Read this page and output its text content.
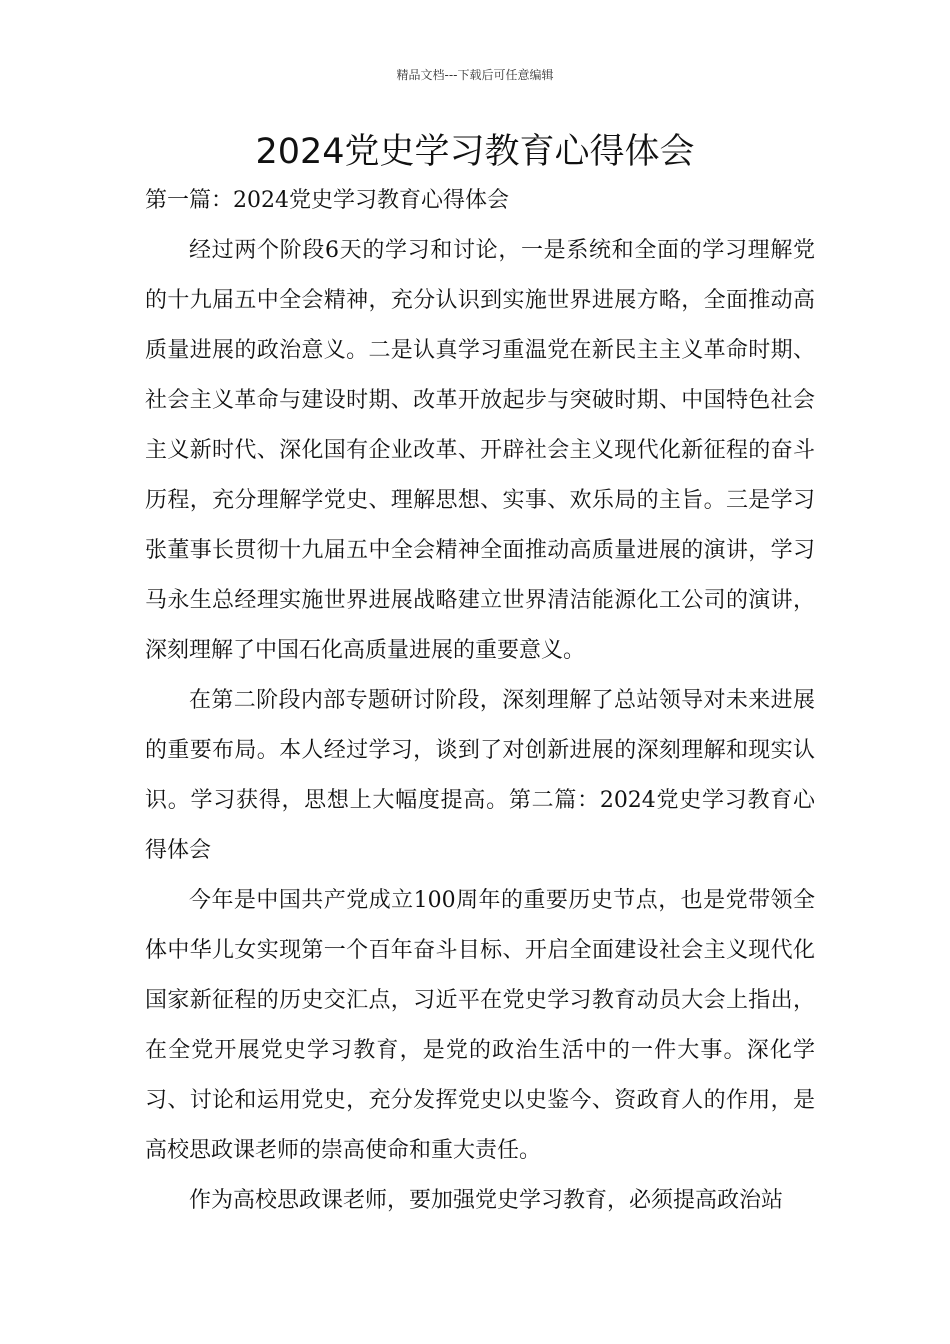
精品文档---下载后可任意编辑
2024党史学习教育心得体会

第一篇：2024党史学习教育心得体会

经过两个阶段6天的学习和讨论，一是系统和全面的学习理解党的十九届五中全会精神，充分认识到实施世界进展方略，全面推动高质量进展的政治意义。二是认真学习重温党在新民主主义革命时期、社会主义革命与建设时期、改革开放起步与突破时期、中国特色社会主义新时代、深化国有企业改革、开辟社会主义现代化新征程的奋斗历程，充分理解学党史、理解思想、实事、欢乐局的主旨。三是学习张董事长贯彻十九届五中全会精神全面推动高质量进展的演讲，学习马永生总经理实施世界进展战略建立世界清洁能源化工公司的演讲，深刻理解了中国石化高质量进展的重要意义。

在第二阶段内部专题研讨阶段，深刻理解了总站领导对未来进展的重要布局。本人经过学习，谈到了对创新进展的深刻理解和现实认识。学习获得，思想上大幅度提高。第二篇：2024党史学习教育心得体会

今年是中国共产党成立100周年的重要历史节点，也是党带领全体中华儿女实现第一个百年奋斗目标、开启全面建设社会主义现代化国家新征程的历史交汇点，习近平在党史学习教育动员大会上指出，在全党开展党史学习教育，是党的政治生活中的一件大事。深化学习、讨论和运用党史，充分发挥党史以史鉴今、资政育人的作用，是高校思政课老师的崇高使命和重大责任。

作为高校思政课老师，要加强党史学习教育，必须提高政治站
